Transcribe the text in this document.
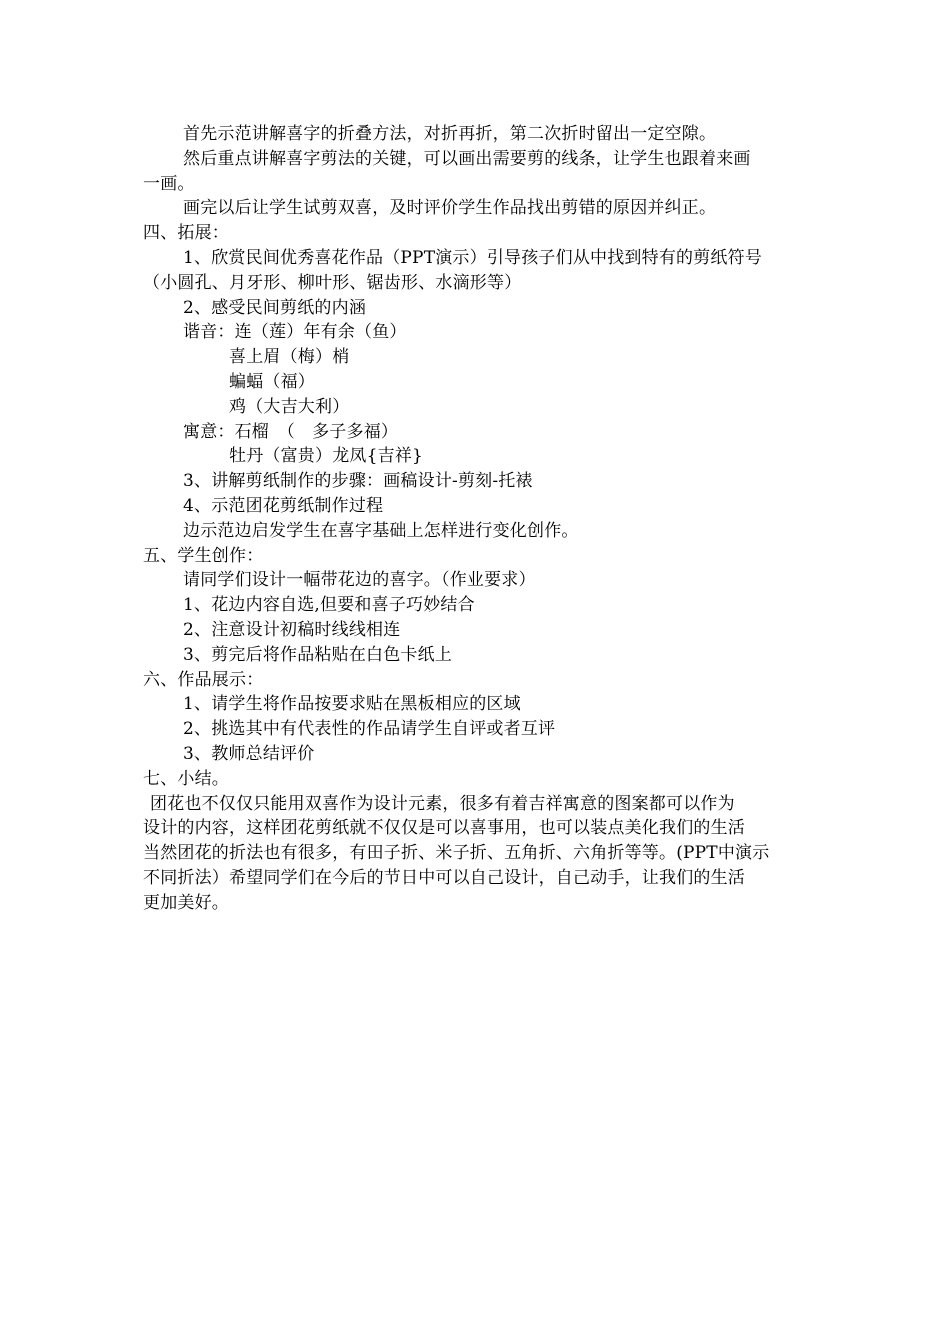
首先示范讲解喜字的折叠方法，对折再折，第二次折时留出一定空隙。
然后重点讲解喜字剪法的关键，可以画出需要剪的线条，让学生也跟着来画
一画。
画完以后让学生试剪双喜，及时评价学生作品找出剪错的原因并纠正。
四、拓展：
1、欣赏民间优秀喜花作品（PPT演示）引导孩子们从中找到特有的剪纸符号
（小圆孔、月牙形、柳叶形、锯齿形、水滴形等）
2、感受民间剪纸的内涵
谐音：连（莲）年有余（鱼）
喜上眉（梅）梢
蝙蝠（福）
鸡（大吉大利）
寓意：石榴　（　多子多福）
牡丹（富贵）龙凤{吉祥}
3、讲解剪纸制作的步骤：画稿设计-剪刻-托裱
4、示范团花剪纸制作过程
边示范边启发学生在喜字基础上怎样进行变化创作。
五、学生创作：
请同学们设计一幅带花边的喜字。（作业要求）
1、花边内容自选,但要和喜子巧妙结合
2、注意设计初稿时线线相连
3、剪完后将作品粘贴在白色卡纸上
六、作品展示：
1、请学生将作品按要求贴在黑板相应的区域
2、挑选其中有代表性的作品请学生自评或者互评
3、教师总结评价
七、小结。
团花也不仅仅只能用双喜作为设计元素，很多有着吉祥寓意的图案都可以作为
设计的内容，这样团花剪纸就不仅仅是可以喜事用，也可以装点美化我们的生活
当然团花的折法也有很多，有田子折、米子折、五角折、六角折等等。(PPT中演示
不同折法）希望同学们在今后的节日中可以自己设计，自己动手，让我们的生活
更加美好。
